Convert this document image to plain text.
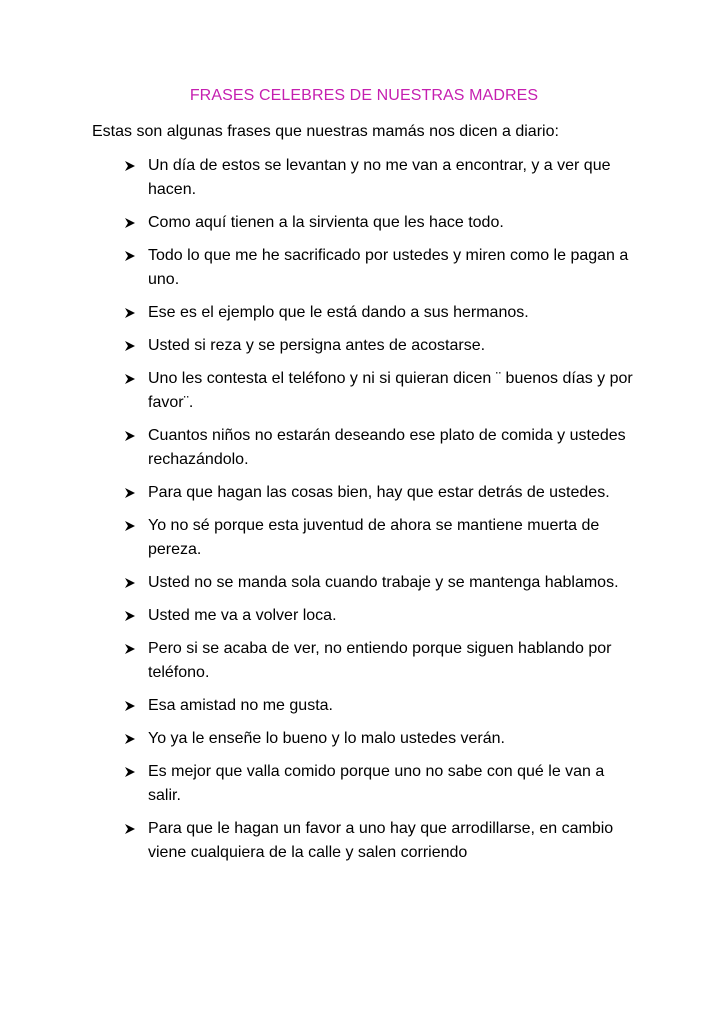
FRASES CELEBRES DE NUESTRAS MADRES
Estas son algunas frases que nuestras mamás nos dicen a diario:
Un día de estos se levantan y no me van a encontrar, y a ver que hacen.
Como aquí tienen a la sirvienta que les hace todo.
Todo lo que me he sacrificado por ustedes y miren como le pagan a uno.
Ese es el ejemplo que le está dando a sus hermanos.
Usted si reza y se persigna antes de acostarse.
Uno les contesta el teléfono y ni si quieran dicen ¨ buenos días y por favor¨.
Cuantos niños no estarán deseando ese plato de comida y ustedes rechazándolo.
Para que hagan las cosas bien, hay que estar detrás de ustedes.
Yo no sé porque esta juventud de ahora se mantiene muerta de pereza.
Usted no se manda sola cuando trabaje y se mantenga hablamos.
Usted me va a volver loca.
Pero si se acaba de ver, no entiendo porque siguen hablando por teléfono.
Esa amistad no me gusta.
Yo ya le enseñe lo bueno y lo malo ustedes verán.
Es mejor que valla comido porque uno no sabe con qué le van a salir.
Para que le hagan un favor a uno hay que arrodillarse, en cambio viene cualquiera de la calle y salen corriendo
